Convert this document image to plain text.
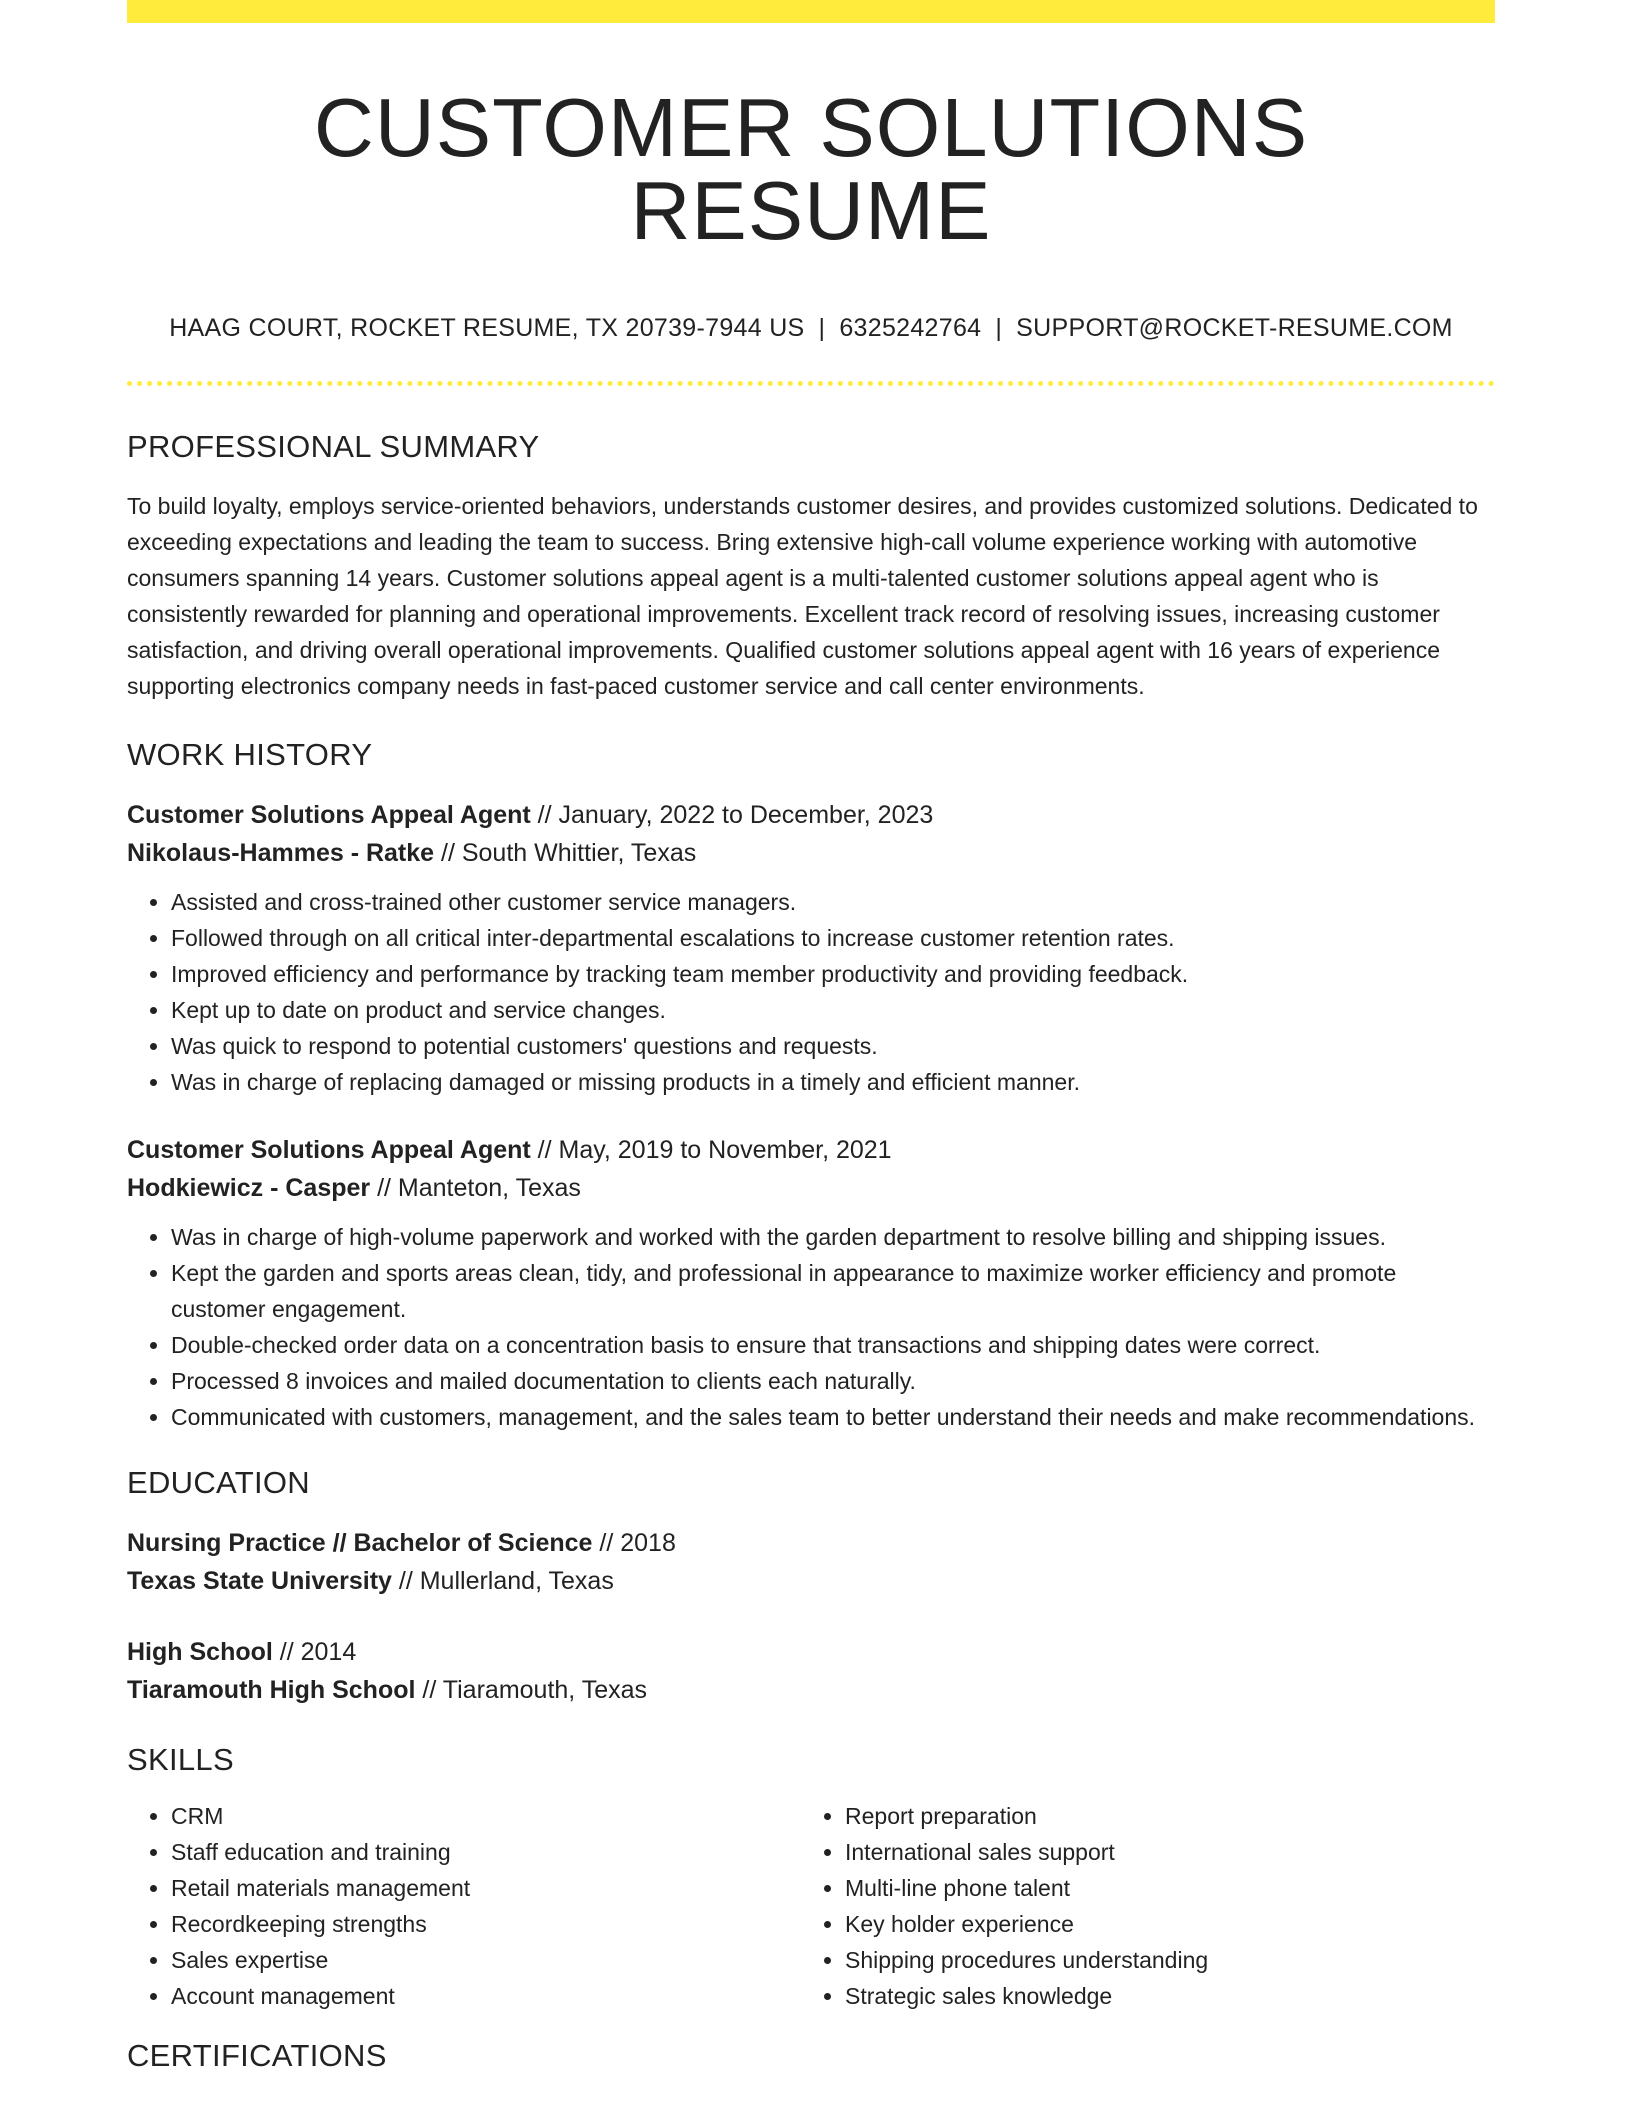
CUSTOMER SOLUTIONS RESUME
HAAG COURT, ROCKET RESUME, TX 20739-7944 US | 6325242764 | SUPPORT@ROCKET-RESUME.COM
PROFESSIONAL SUMMARY

To build loyalty, employs service-oriented behaviors, understands customer desires, and provides customized solutions. Dedicated to exceeding expectations and leading the team to success. Bring extensive high-call volume experience working with automotive consumers spanning 14 years. Customer solutions appeal agent is a multi-talented customer solutions appeal agent who is consistently rewarded for planning and operational improvements. Excellent track record of resolving issues, increasing customer satisfaction, and driving overall operational improvements. Qualified customer solutions appeal agent with 16 years of experience supporting electronics company needs in fast-paced customer service and call center environments.

WORK HISTORY
Customer Solutions Appeal Agent // January, 2022 to December, 2023
Nikolaus-Hammes - Ratke // South Whittier, Texas
• Assisted and cross-trained other customer service managers.
• Followed through on all critical inter-departmental escalations to increase customer retention rates.
• Improved efficiency and performance by tracking team member productivity and providing feedback.
• Kept up to date on product and service changes.
• Was quick to respond to potential customers' questions and requests.
• Was in charge of replacing damaged or missing products in a timely and efficient manner.
Customer Solutions Appeal Agent // May, 2019 to November, 2021
Hodkiewicz - Casper // Manteton, Texas
• Was in charge of high-volume paperwork and worked with the garden department to resolve billing and shipping issues.
• Kept the garden and sports areas clean, tidy, and professional in appearance to maximize worker efficiency and promote customer engagement.
• Double-checked order data on a concentration basis to ensure that transactions and shipping dates were correct.
• Processed 8 invoices and mailed documentation to clients each naturally.
• Communicated with customers, management, and the sales team to better understand their needs and make recommendations.
EDUCATION
Nursing Practice // Bachelor of Science // 2018
Texas State University // Mullerland, Texas
High School // 2014
Tiaramouth High School // Tiaramouth, Texas
SKILLS
• CRM
• Staff education and training
• Retail materials management
• Recordkeeping strengths
• Sales expertise
• Account management
• Report preparation
• International sales support
• Multi-line phone talent
• Key holder experience
• Shipping procedures understanding
• Strategic sales knowledge
CERTIFICATIONS
